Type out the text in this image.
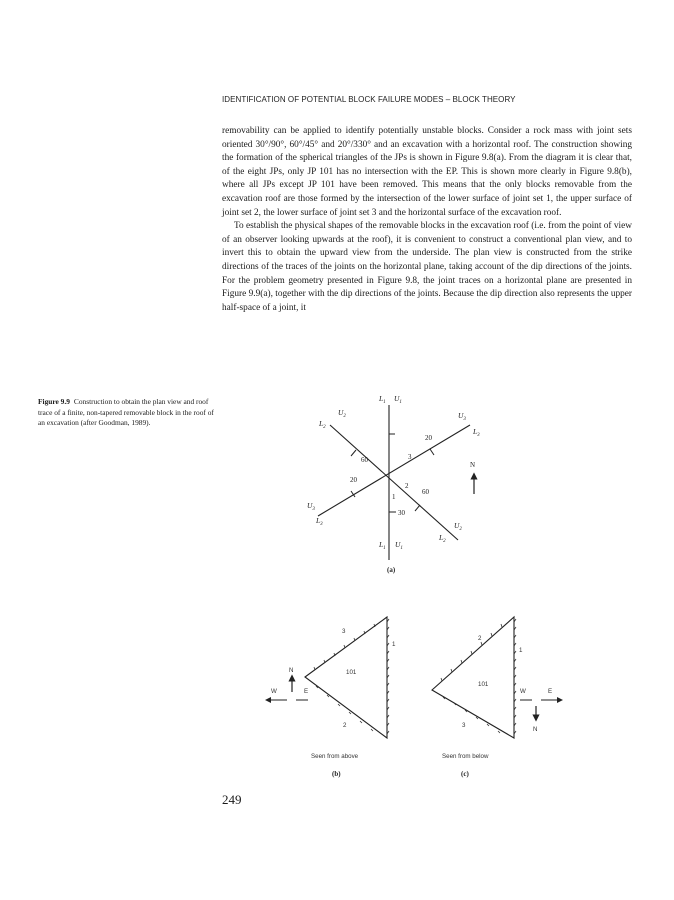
IDENTIFICATION OF POTENTIAL BLOCK FAILURE MODES – BLOCK THEORY

removability can be applied to identify potentially unstable blocks. Consider a rock mass with joint sets oriented 30°/90°, 60°/45° and 20°/330° and an excavation with a horizontal roof. The construction showing the formation of the spherical triangles of the JPs is shown in Figure 9.8(a). From the diagram it is clear that, of the eight JPs, only JP 101 has no intersection with the EP. This is shown more clearly in Figure 9.8(b), where all JPs except JP 101 have been removed. This means that the only blocks removable from the excavation roof are those formed by the intersection of the lower surface of joint set 1, the upper surface of joint set 2, the lower surface of joint set 3 and the horizontal surface of the excavation roof.

To establish the physical shapes of the removable blocks in the excavation roof (i.e. from the point of view of an observer looking upwards at the roof), it is convenient to construct a conventional plan view, and to invert this to obtain the upward view from the underside. The plan view is constructed from the strike directions of the traces of the joints on the horizontal plane, taking account of the dip directions of the joints. For the problem geometry presented in Figure 9.8, the joint traces on a horizontal plane are presented in Figure 9.9(a), together with the dip directions of the joints. Because the dip direction also represents the upper half-space of a joint, it

Figure 9.9 Construction to obtain the plan view and roof trace of a finite, non-tapered removable block in the roof of an excavation (after Goodman, 1989).
$L_1$ $U_1$
$L_1$ $U_1$
$U_2$
$L_2$
$U_2$
$L_2$
$U_3$
$L_3$
$U_3$
$L_3$
60
20
20
60
30
3
2
1
N
(a)
101
1
3
2
N
W	E
Seen from above
(b)
101
1
2
3
W	E
N
Seen from below
(c)
249
